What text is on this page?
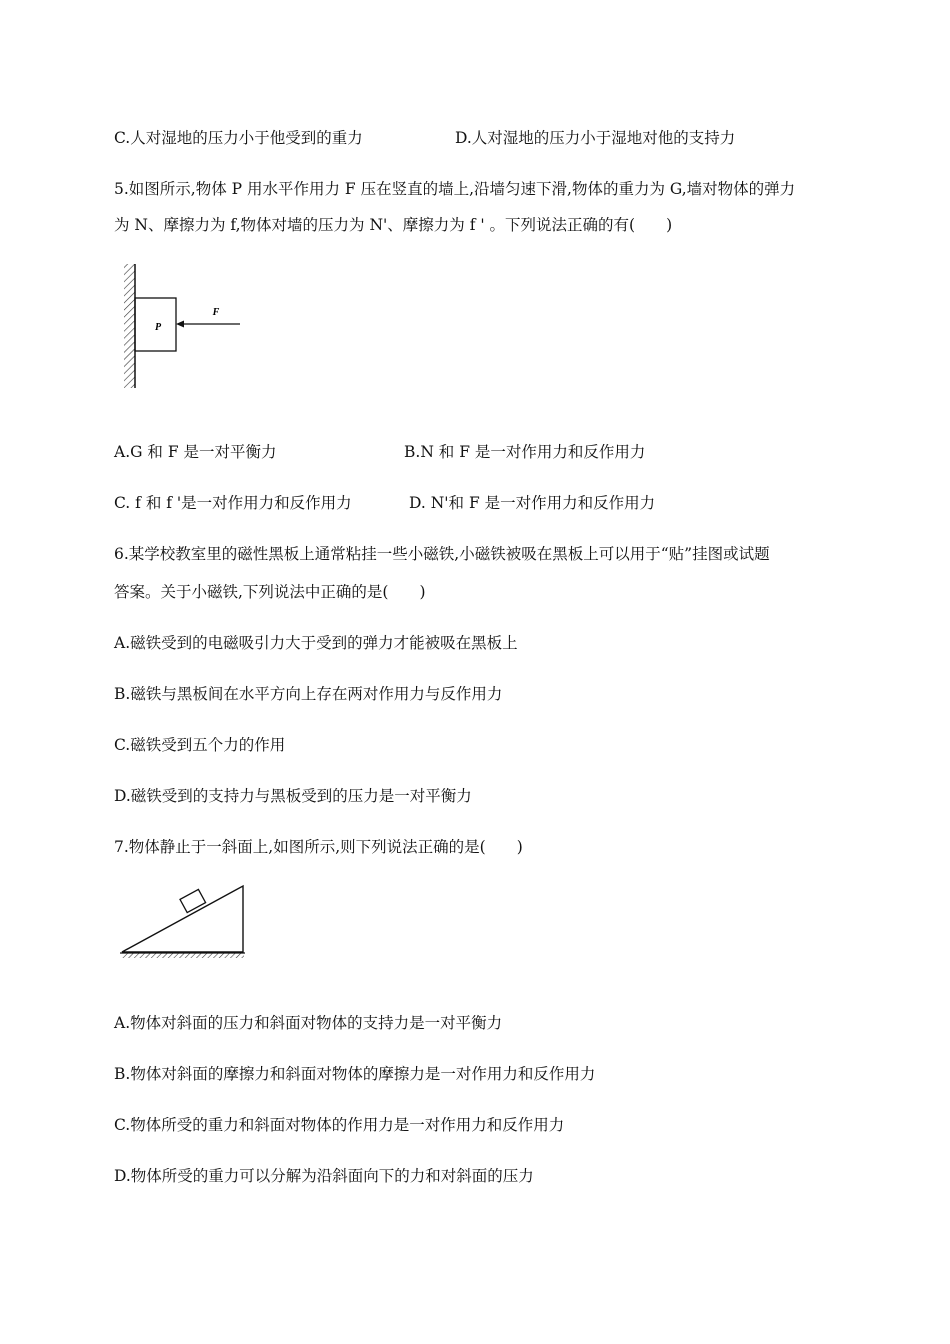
C.人对湿地的压力小于他受到的重力	D.人对湿地的压力小于湿地对他的支持力
5.如图所示,物体 P 用水平作用力 F 压在竖直的墙上,沿墙匀速下滑,物体的重力为 G,墙对物体的弹力
为 N、摩擦力为 f,物体对墙的压力为 N'、摩擦力为 f ' 。下列说法正确的有(　　)
P
F
A.G 和 F 是一对平衡力	B.N 和 F 是一对作用力和反作用力
C. f 和 f '是一对作用力和反作用力	D. N'和 F 是一对作用力和反作用力
6.某学校教室里的磁性黑板上通常粘挂一些小磁铁,小磁铁被吸在黑板上可以用于“贴”挂图或试题
答案。关于小磁铁,下列说法中正确的是(　　)
A.磁铁受到的电磁吸引力大于受到的弹力才能被吸在黑板上
B.磁铁与黑板间在水平方向上存在两对作用力与反作用力
C.磁铁受到五个力的作用
D.磁铁受到的支持力与黑板受到的压力是一对平衡力
7.物体静止于一斜面上,如图所示,则下列说法正确的是(　　)
A.物体对斜面的压力和斜面对物体的支持力是一对平衡力
B.物体对斜面的摩擦力和斜面对物体的摩擦力是一对作用力和反作用力
C.物体所受的重力和斜面对物体的作用力是一对作用力和反作用力
D.物体所受的重力可以分解为沿斜面向下的力和对斜面的压力
